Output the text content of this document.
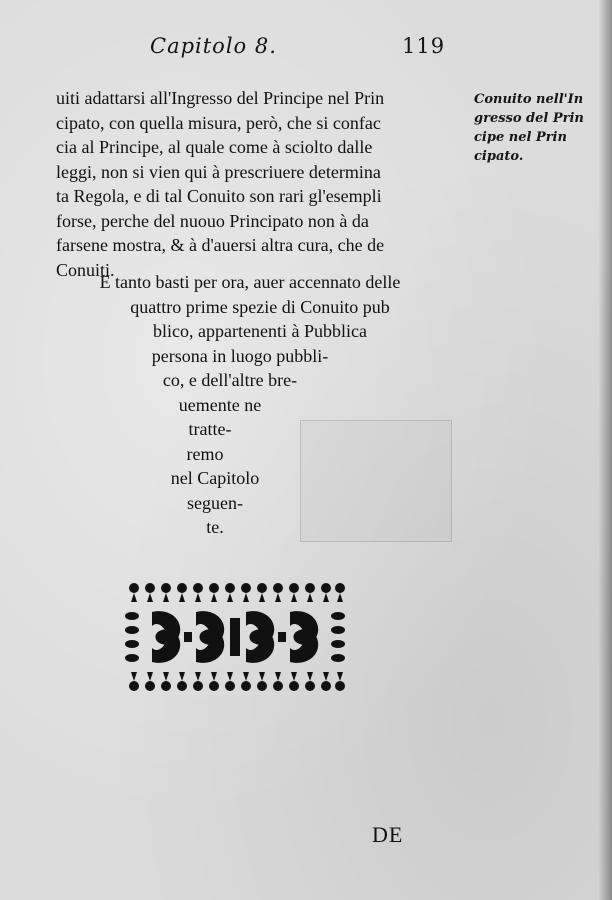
Capitolo 8.	119
uiti adattarsi all'Ingresso del Principe nel Prin
cipato, con quella misura, però, che si confac
cia al Principe, al quale come à sciolto dalle
leggi, non si vien qui à prescriuere determina
ta Regola, e di tal Conuito son rari gl'esempli
forse, perche del nuouo Principato non à da
farsene mostra, & à d'auersi altra cura, che de
Conuiti.
E tanto basti per ora, auer accennato delle
quattro prime spezie di Conuito pub
blico, appartenenti à Pubblica
persona in luogo pubbli-
co, e dell'altre bre-
uemente ne
tratte-
remo
nel Capitolo
seguen-
te.
Conuito nell'In
gresso del Prin
cipe nel Prin
cipato.
DE
